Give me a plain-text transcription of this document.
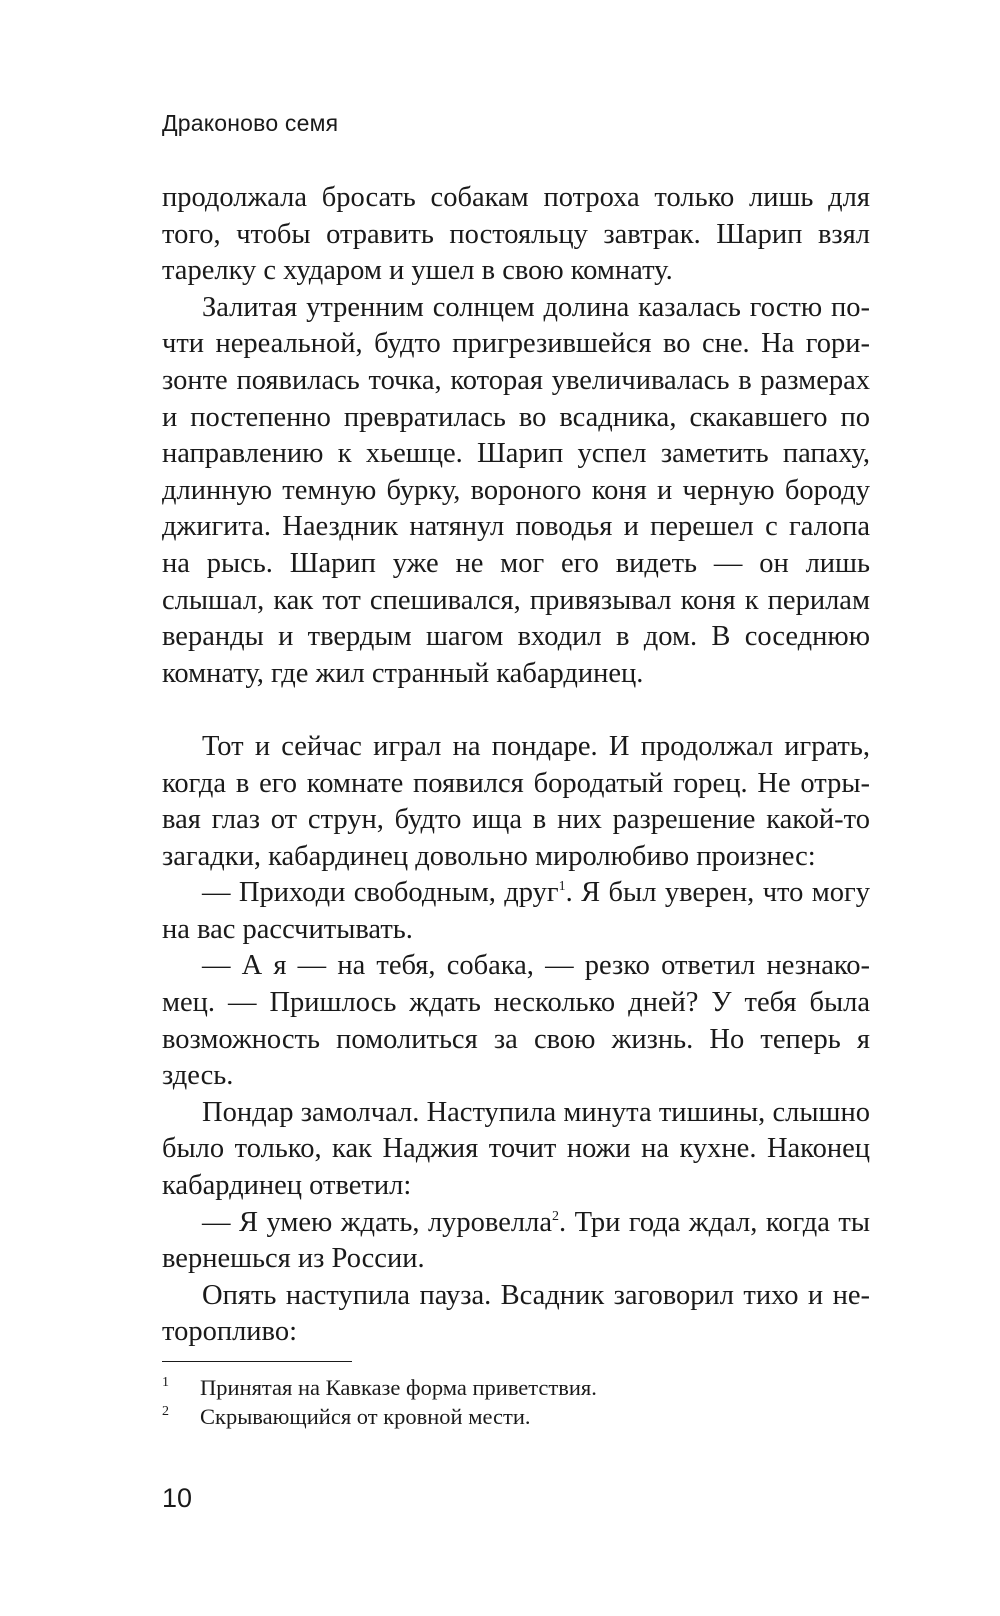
Драконово семя

продолжала бросать собакам потроха только лишь для того, чтобы отравить постояльцу завтрак. Шарип взял тарелку с хударом и ушел в свою комнату.

Залитая утренним солнцем долина казалась гостю почти нереальной, будто пригрезившейся во сне. На горизонте появилась точка, которая увеличивалась в размерах и постепенно превратилась во всадника, скакавшего по направлению к хьешце. Шарип успел заметить папаху, длинную темную бурку, вороного коня и черную бороду джигита. Наездник натянул поводья и перешел с галопа на рысь. Шарип уже не мог его видеть — он лишь слышал, как тот спешивался, привязывал коня к перилам веранды и твердым шагом входил в дом. В соседнюю комнату, где жил странный кабардинец.

Тот и сейчас играл на пондаре. И продолжал играть, когда в его комнате появился бородатый горец. Не отрывая глаз от струн, будто ища в них разрешение какой-то загадки, кабардинец довольно миролюбиво произнес:

— Приходи свободным, друг$^1$. Я был уверен, что могу на вас рассчитывать.

— А я — на тебя, собака, — резко ответил незнакомец. — Пришлось ждать несколько дней? У тебя была возможность помолиться за свою жизнь. Но теперь я здесь.

Пондар замолчал. Наступила минута тишины, слышно было только, как Наджия точит ножи на кухне. Наконец кабардинец ответил:

— Я умею ждать, луровелла$^2$. Три года ждал, когда ты вернешься из России.

Опять наступила пауза. Всадник заговорил тихо и неторопливо:

1	Принятая на Кавказе форма приветствия.

2	Скрывающийся от кровной мести.

10
